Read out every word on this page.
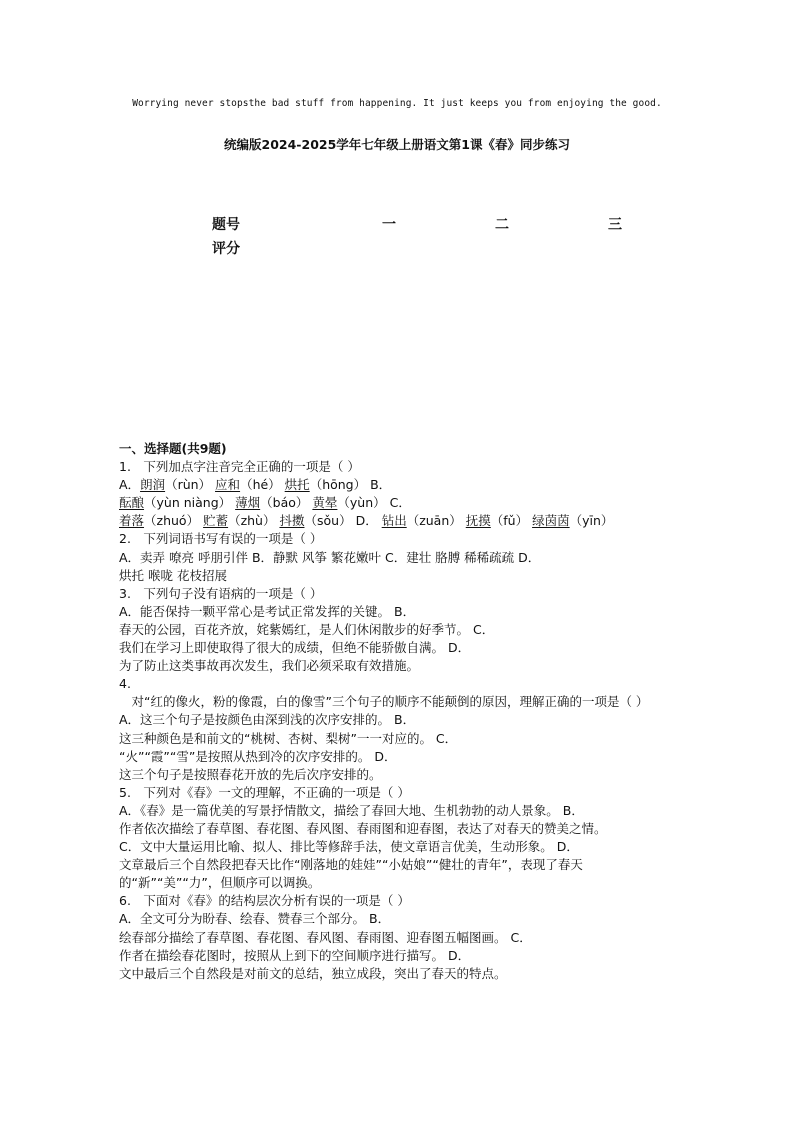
Worrying never stopsthe bad stuff from happening. It just keeps you from enjoying the good.
统编版2024-2025学年七年级上册语文第1课《春》同步练习
题号	一	二	三
评分

一、选择题(共9题)

1.　下列加点字注音完全正确的一项是（ ）

A．朗润（rùn） 应和（hé） 烘托（hōng） B．

酝酿（yùn niàng） 薄烟（báo） 黄晕（yùn） C．

着落（zhuó） 贮蓄（zhù） 抖擞（sǒu） D． 钻出（zuān） 抚摸（fǔ） 绿茵茵（yīn）

2.　下列词语书写有误的一项是（ ）

A．卖弄 嘹亮 呼朋引伴 B．静默 风筝 繁花嫩叶 C．建壮 胳膊 稀稀疏疏 D．

烘托 喉咙 花枝招展

3.　下列句子没有语病的一项是（ ）

A．能否保持一颗平常心是考试正常发挥的关键。 B．

春天的公园，百花齐放，姹紫嫣红，是人们休闲散步的好季节。 C．

我们在学习上即使取得了很大的成绩，但绝不能骄傲自满。 D．

为了防止这类事故再次发生，我们必须采取有效措施。

4.

　对“红的像火，粉的像霞，白的像雪”三个句子的顺序不能颠倒的原因，理解正确的一项是（ ）

A．这三个句子是按颜色由深到浅的次序安排的。 B．

这三种颜色是和前文的“桃树、杏树、梨树”一一对应的。 C．

“火”“霞”“雪”是按照从热到冷的次序安排的。 D．

这三个句子是按照春花开放的先后次序安排的。

5.　下列对《春》一文的理解，不正确的一项是（ ）

A．《春》是一篇优美的写景抒情散文，描绘了春回大地、生机勃勃的动人景象。 B．

作者依次描绘了春草图、春花图、春风图、春雨图和迎春图，表达了对春天的赞美之情。

C．文中大量运用比喻、拟人、排比等修辞手法，使文章语言优美，生动形象。 D．

文章最后三个自然段把春天比作“刚落地的娃娃”“小姑娘”“健壮的青年”，表现了春天的“新”“美”“力”，但顺序可以调换。

6.　下面对《春》的结构层次分析有误的一项是（ ）

A．全文可分为盼春、绘春、赞春三个部分。 B．

绘春部分描绘了春草图、春花图、春风图、春雨图、迎春图五幅图画。 C．

作者在描绘春花图时，按照从上到下的空间顺序进行描写。 D．

文中最后三个自然段是对前文的总结，独立成段，突出了春天的特点。
